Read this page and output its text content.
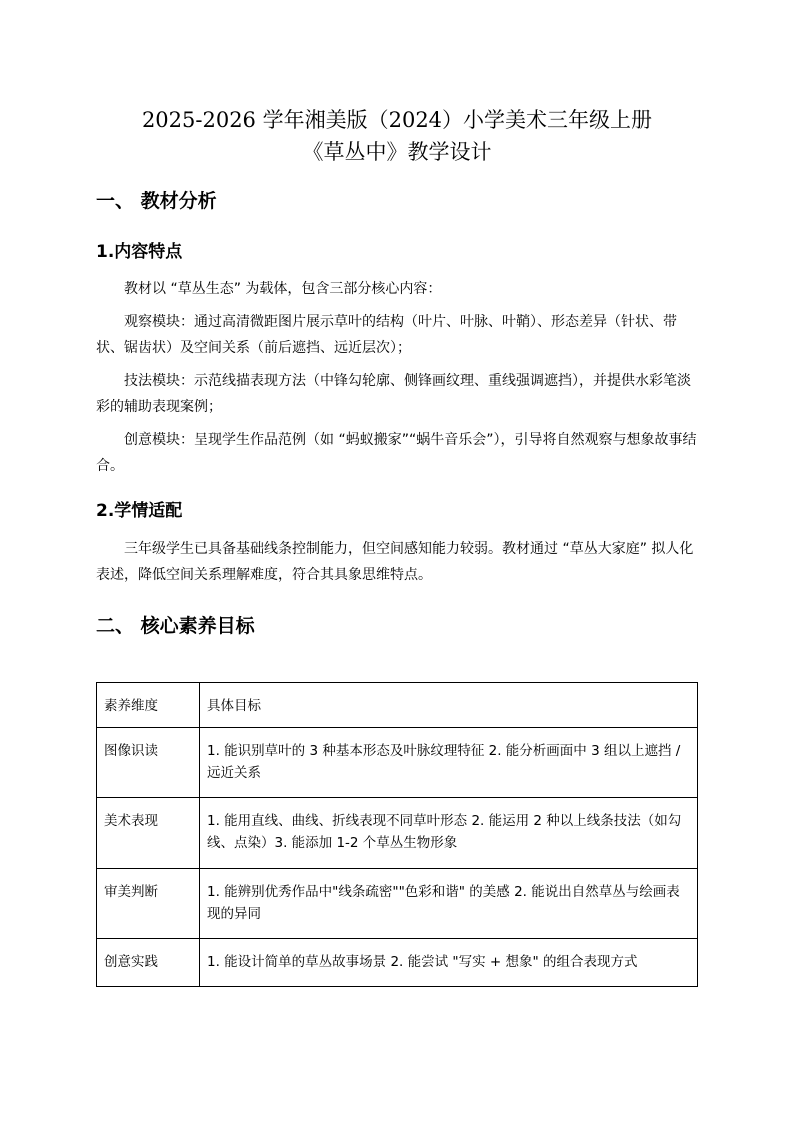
2025-2026 学年湘美版（2024）小学美术三年级上册
《草丛中》教学设计
一、 教材分析
1.内容特点
教材以 “草丛生态” 为载体，包含三部分核心内容：
观察模块：通过高清微距图片展示草叶的结构（叶片、叶脉、叶鞘）、形态差异（针状、带状、锯齿状）及空间关系（前后遮挡、远近层次）；
技法模块：示范线描表现方法（中锋勾轮廓、侧锋画纹理、重线强调遮挡），并提供水彩笔淡彩的辅助表现案例；
创意模块：呈现学生作品范例（如 “蚂蚁搬家”“蜗牛音乐会”），引导将自然观察与想象故事结合。
2.学情适配
三年级学生已具备基础线条控制能力，但空间感知能力较弱。教材通过 “草丛大家庭” 拟人化表述，降低空间关系理解难度，符合其具象思维特点。
二、 核心素养目标
素养维度	具体目标
图像识读	1. 能识别草叶的 3 种基本形态及叶脉纹理特征 2. 能分析画面中 3 组以上遮挡 / 远近关系
美术表现	1. 能用直线、曲线、折线表现不同草叶形态 2. 能运用 2 种以上线条技法（如勾线、点染）3. 能添加 1-2 个草丛生物形象
审美判断	1. 能辨别优秀作品中"线条疏密""色彩和谐" 的美感 2. 能说出自然草丛与绘画表现的异同
创意实践	1. 能设计简单的草丛故事场景 2. 能尝试 "写实 + 想象" 的组合表现方式
